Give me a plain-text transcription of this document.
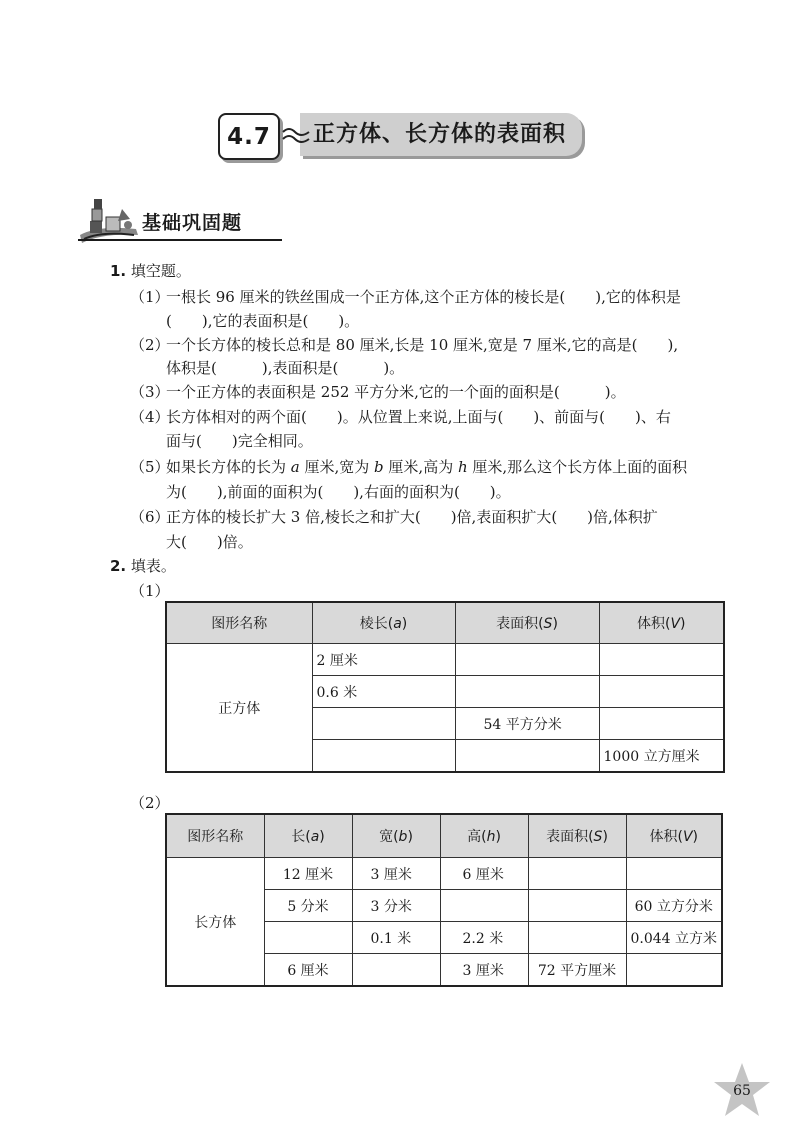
4.7	正方体、长方体的表面积
基础巩固题
1. 填空题。
（1）
一根长 96 厘米的铁丝围成一个正方体,这个正方体的棱长是(　　),它的体积是
(　　),它的表面积是(　　)。
（2）
一个长方体的棱长总和是 80 厘米,长是 10 厘米,宽是 7 厘米,它的高是(　　),
体积是(　　　),表面积是(　　　)。
（3）
一个正方体的表面积是 252 平方分米,它的一个面的面积是(　　　)。
（4）
长方体相对的两个面(　　)。从位置上来说,上面与(　　)、前面与(　　)、右
面与(　　)完全相同。
（5）
如果长方体的长为 a 厘米,宽为 b 厘米,高为 h 厘米,那么这个长方体上面的面积
为(　　),前面的面积为(　　),右面的面积为(　　)。
（6）
正方体的棱长扩大 3 倍,棱长之和扩大(　　)倍,表面积扩大(　　)倍,体积扩
大(　　)倍。
2. 填表。
（1）
图形名称	棱长(a)	表面积(S)	体积(V)
正方体	2 厘米		
	0.6 米		
		54 平方分米	
			1000 立方厘米
（2）
图形名称	长(a)	宽(b)	高(h)	表面积(S)	体积(V)
长方体	12 厘米	3 厘米	6 厘米		
	5 分米	3 分米			60 立方分米
		0.1 米	2.2 米		0.044 立方米
	6 厘米		3 厘米	72 平方厘米	
65
